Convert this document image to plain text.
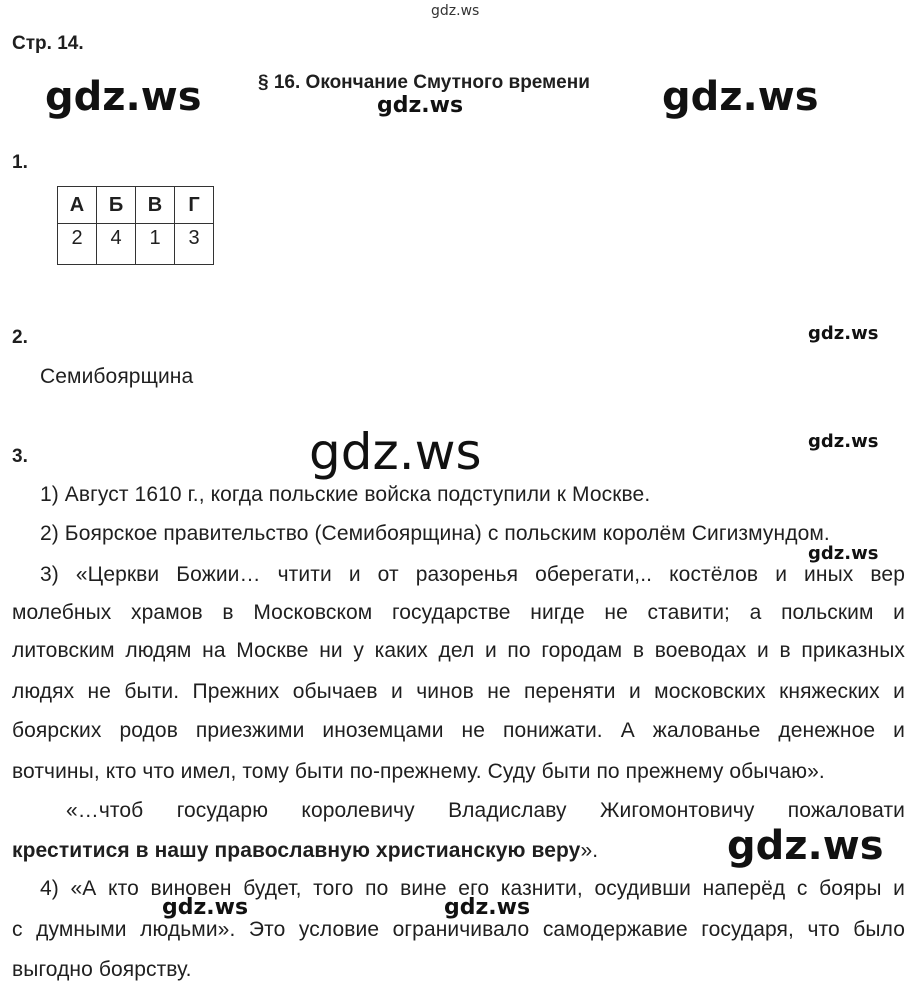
gdz.ws
gdz.ws	gdz.ws	gdz.ws
gdz.ws
gdz.ws	gdz.ws
gdz.ws
gdz.ws
gdz.ws	gdz.ws
Стр. 14.
§ 16. Окончание Смутного времени
1.
А	Б	В	Г
2	4	1	3
2.
Семибоярщина
3.
1) Август 1610 г., когда польские войска подступили к Москве.
2) Боярское правительство (Семибоярщина) с польским королём Сигизмундом.
3) «Церкви Божии… чтити и от разоренья оберегати,.. костёлов и иных вер
молебных храмов в Московском государстве нигде не ставити; а польским и
литовским людям на Москве ни у каких дел и по городам в воеводах и в приказных
людях не быти. Прежних обычаев и чинов не переняти и московских княжеских и
боярских родов приезжими иноземцами не понижати. А жалованье денежное и
вотчины, кто что имел, тому быти по-прежнему. Суду быти по прежнему обычаю».
«…чтоб государю королевичу Владиславу Жигомонтовичу пожаловати
креститися в нашу православную христианскую веру».
4) «А кто виновен будет, того по вине его казнити, осудивши наперёд с бояры и
с думными людьми». Это условие ограничивало самодержавие государя, что было
выгодно боярству.
